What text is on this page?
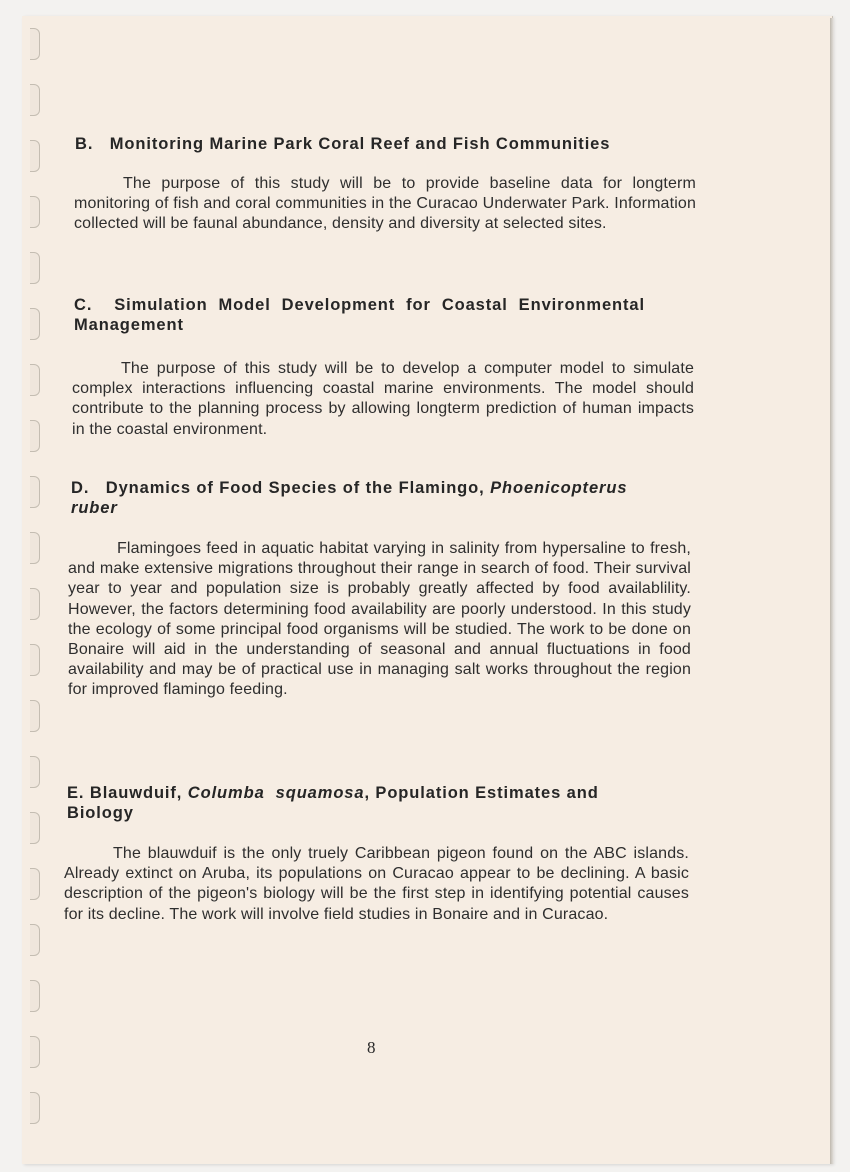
B.   Monitoring Marine Park Coral Reef and Fish Communities
The purpose of this study will be to provide baseline data for longterm monitoring of fish and coral communities in the Curacao Underwater Park. Information collected will be faunal abundance, density and diversity at selected sites.
C.    Simulation  Model  Development  for  Coastal  Environmental
Management
The purpose of this study will be to develop a computer model to simulate complex interactions influencing coastal marine environments. The model should contribute to the planning process by allowing longterm prediction of human impacts in the coastal environment.
D.   Dynamics of Food Species of the Flamingo, Phoenicopterus
ruber
Flamingoes feed in aquatic habitat varying in salinity from hypersaline to fresh, and make extensive migrations throughout their range in search of food. Their survival year to year and population size is probably greatly affected by food availablility. However, the factors determining food availability are poorly understood. In this study the ecology of some principal food organisms will be studied. The work to be done on Bonaire will aid in the understanding of seasonal and annual fluctuations in food availability and may be of practical use in managing salt works throughout the region for improved flamingo feeding.
E. Blauwduif, Columba  squamosa, Population Estimates and
Biology
The blauwduif is the only truely Caribbean pigeon found on the ABC islands. Already extinct on Aruba, its populations on Curacao appear to be declining. A basic description of the pigeon's biology will be the first step in identifying potential causes for its decline. The work will involve field studies in Bonaire and in Curacao.
8
